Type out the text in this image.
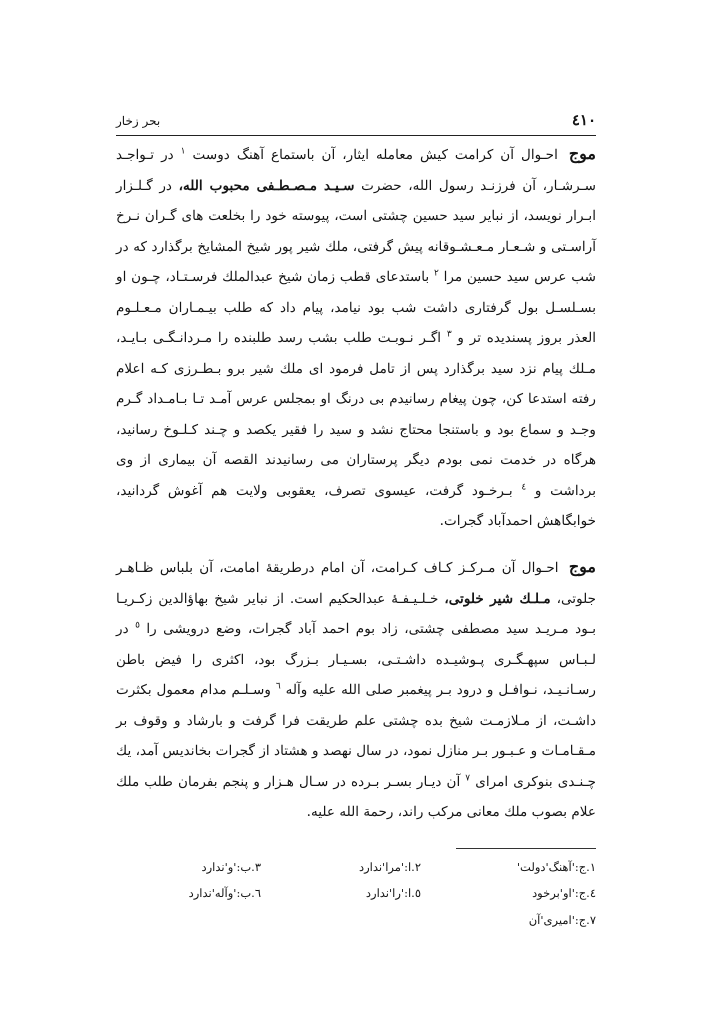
٤١٠
بحر زخار
موج احـوال آن کرامت کیش معامله ایثار، آن باستماع آهنگ دوست $^١$ در تـواجـد سـرشـار، آن فرزنـد رسول الله، حضرت سـیـد مـصـطـفی محبوب الله، در گـلـزار ابـرار نویسد، از نبایر سید حسین چشتی است، پیوسته خود را بخلعت های گـران نـرخ آراسـتی و شـعـار مـعـشـوقانه پیش گرفتی، ملك شیر پور شیخ المشایخ برگذارد که در شب عرس سید حسین مرا $^٢$ باستدعای قطب زمان شیخ عبدالملك فرسـتـاد، چـون او بسـلسـل بول گرفتاری داشت شب بود نیامد، پیام داد که طلب بیـمـاران مـعـلـوم العذر بروز پسندیده تر و $^٣$ اگـر نـوبـت طلب بشب رسد طلبنده را مـردانـگـی بـایـد، مـلك پیام نزد سید برگذارد پس از تامل فرمود ای ملك شیر برو بـطـرزی کـه اعلام رفته استدعا کن، چون پیغام رسانیدم بی درنگ او بمجلس عرس آمـد تـا بـامـداد گـرم وجـد و سماع بود و باستنجا محتاج نشد و سید را فقیر یکصد و چـند کـلـوخ رسانید، هرگاه در خدمت نمی بودم دیگر پرستاران می رسانیدند القصه آن بیماری از وی برداشت و $^٤$ بـرخـود گرفت، عیسوی تصرف، یعقوبی ولایت هم آغوش گردانید، خوابگاهش احمدآباد گجرات.
موج احـوال آن مـرکـز کـاف کـرامت، آن امام درطریقهٔ امامت، آن بلباس ظـاهـر جلوتی، مـلـك شیر خلوتی، خـلـیـفـهٔ عبدالحکیم است. از نبایر شیخ بهاؤالدین زکـریـا بـود مـریـد سید مصطفی چشتی، زاد بوم احمد آباد گجرات، وضع درویشی را $^٥$ در لـبـاس سپهـگـری پـوشیـده داشـتـی، بسـیـار بـزرگ بود، اکثری را فیض باطن رسـانـیـد، نـوافـل و درود بـر پیغمبر صلی الله علیه وآله $^٦$ وسـلـم مدام معمول بکثرت داشـت، از مـلازمـت شیخ بده چشتی علم طریقت فرا گرفت و بارشاد و وقوف بر مـقـامـات و عـبـور بـر منازل نمود، در سال نهصد و هشتاد از گجرات بخاندیس آمد، یك چـنـدی بنوکری امرای $^٧$ آن دیـار بسـر بـرده در سـال هـزار و پنجم بفرمان طلب ملك علام بصوب ملك معانی مرکب راند، رحمة الله علیه.
١.ج:'آهنگ'دولت'
٢.ا:'مرا'ندارد
٣.ب:'و'ندارد
٤.ج:'او'برخود
٥.ا:'را'ندارد
٦.ب:'وآله'ندارد
٧.ج:'امیری'آن
